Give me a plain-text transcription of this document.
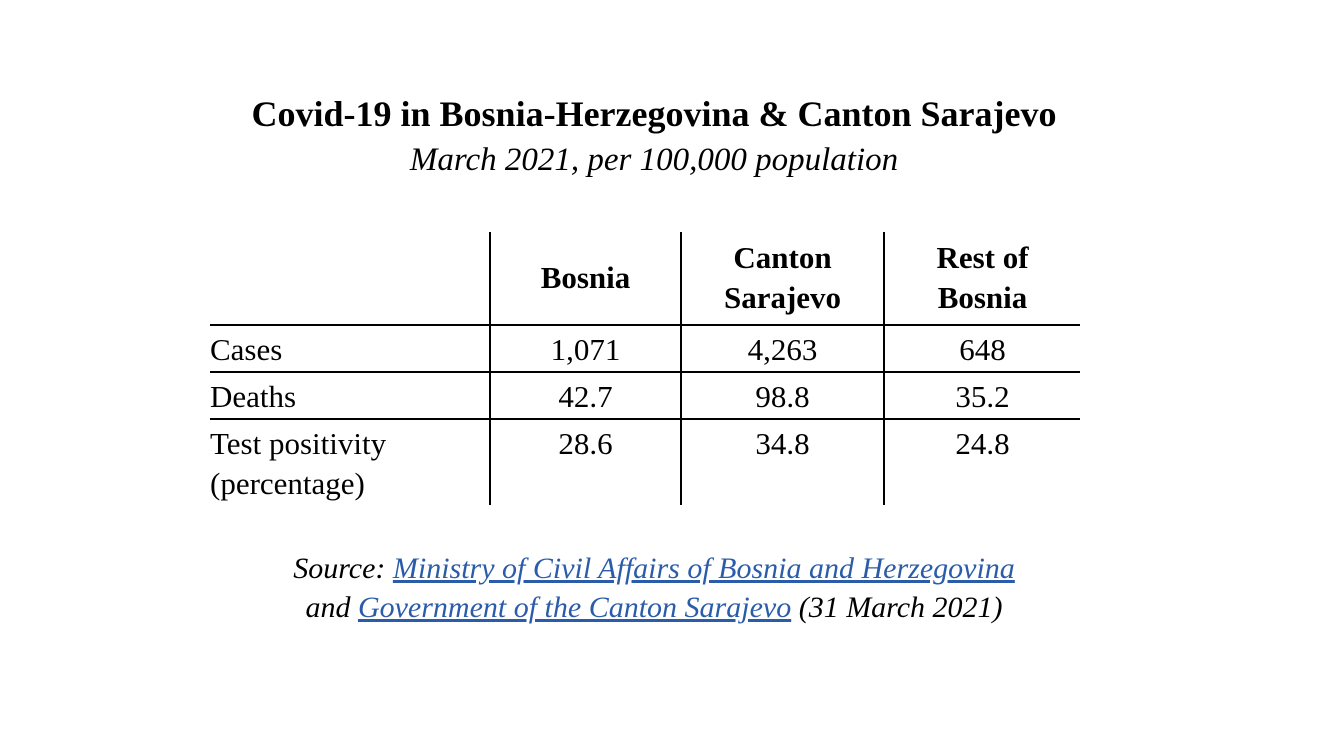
Covid-19 in Bosnia-Herzegovina & Canton Sarajevo
March 2021, per 100,000 population
	Bosnia	Canton Sarajevo	Rest of Bosnia
Cases	1,071	4,263	648
Deaths	42.7	98.8	35.2
Test positivity (percentage)	28.6	34.8	24.8
Source: Ministry of Civil Affairs of Bosnia and Herzegovina
and Government of the Canton Sarajevo (31 March 2021)
